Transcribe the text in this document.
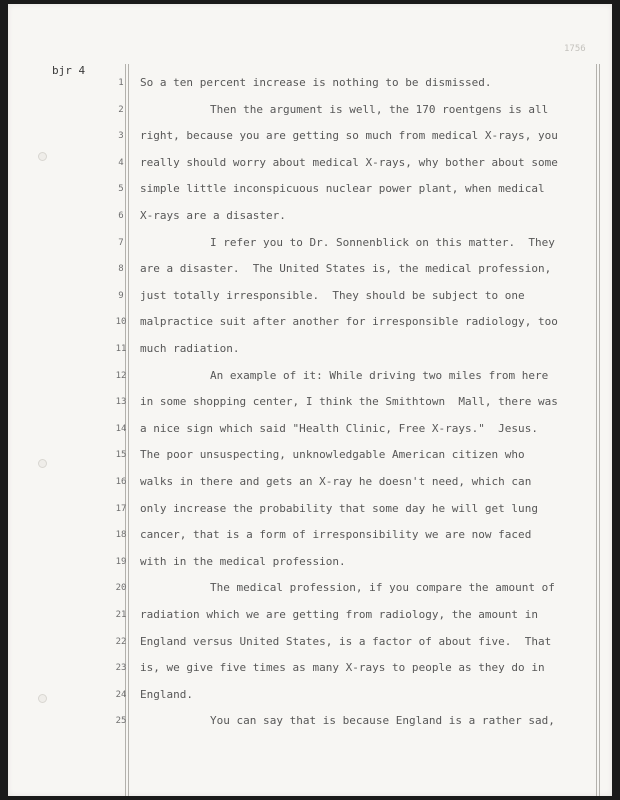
1756
bjr 4
1	So a ten percent increase is nothing to be dismissed.
2	Then the argument is well, the 170 roentgens is all
3	right, because you are getting so much from medical X-rays, you
4	really should worry about medical X-rays, why bother about some
5	simple little inconspicuous nuclear power plant, when medical
6	X-rays are a disaster.
7	I refer you to Dr. Sonnenblick on this matter.  They
8	are a disaster.  The United States is, the medical profession,
9	just totally irresponsible.  They should be subject to one
10	malpractice suit after another for irresponsible radiology, too
11	much radiation.
12	An example of it: While driving two miles from here
13	in some shopping center, I think the Smithtown  Mall, there was
14	a nice sign which said "Health Clinic, Free X-rays."  Jesus.
15	The poor unsuspecting, unknowledgable American citizen who
16	walks in there and gets an X-ray he doesn't need, which can
17	only increase the probability that some day he will get lung
18	cancer, that is a form of irresponsibility we are now faced
19	with in the medical profession.
20	The medical profession, if you compare the amount of
21	radiation which we are getting from radiology, the amount in
22	England versus United States, is a factor of about five.  That
23	is, we give five times as many X-rays to people as they do in
24	England.
25	You can say that is because England is a rather sad,
